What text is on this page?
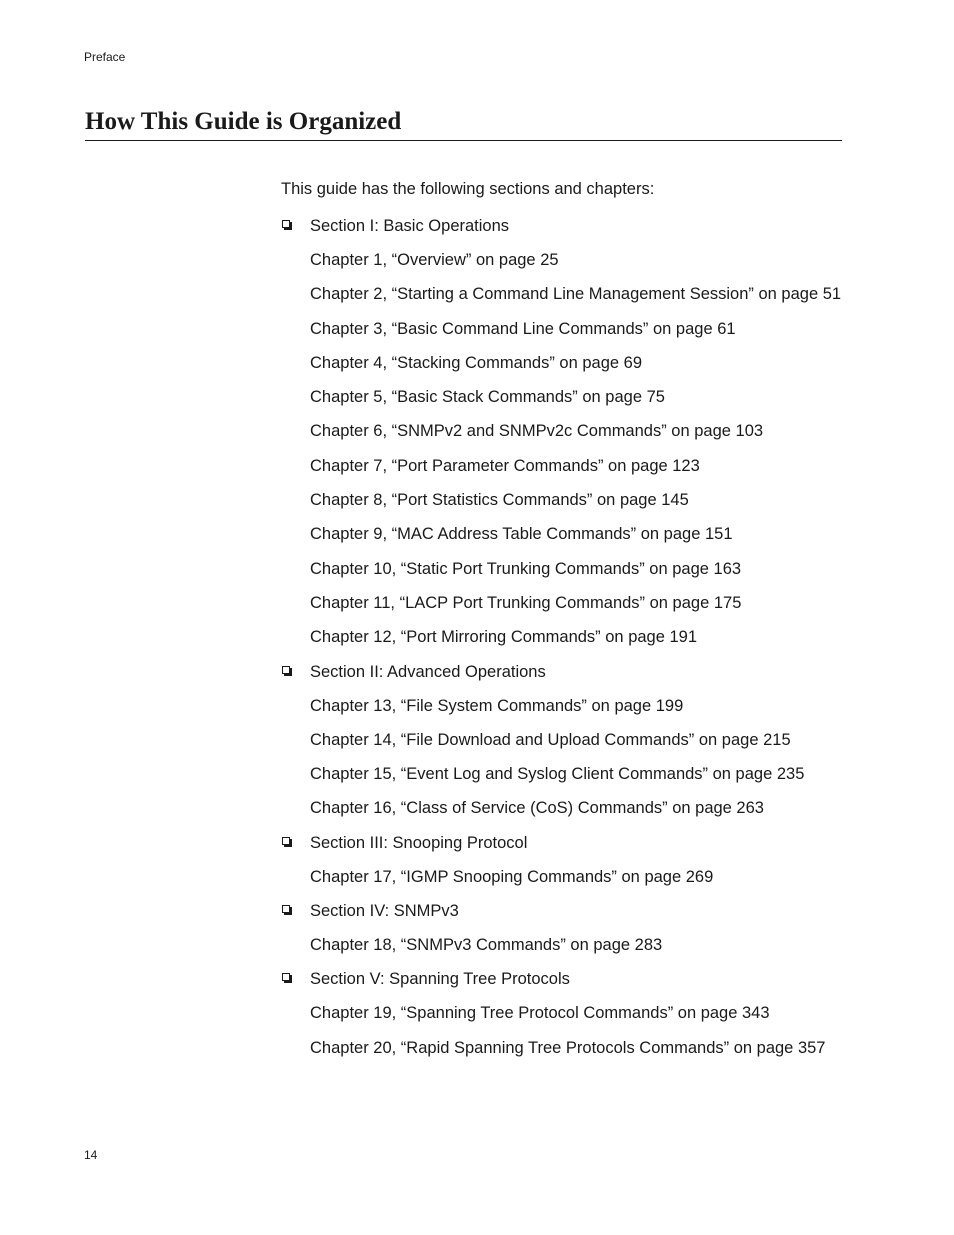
Preface
How This Guide is Organized

This guide has the following sections and chapters:

Section I: Basic Operations

Chapter 1, “Overview” on page 25

Chapter 2, “Starting a Command Line Management Session” on page 51

Chapter 3, “Basic Command Line Commands” on page 61

Chapter 4, “Stacking Commands” on page 69

Chapter 5, “Basic Stack Commands” on page 75

Chapter 6, “SNMPv2 and SNMPv2c Commands” on page 103

Chapter 7, “Port Parameter Commands” on page 123

Chapter 8, “Port Statistics Commands” on page 145

Chapter 9, “MAC Address Table Commands” on page 151

Chapter 10, “Static Port Trunking Commands” on page 163

Chapter 11, “LACP Port Trunking Commands” on page 175

Chapter 12, “Port Mirroring Commands” on page 191

Section II: Advanced Operations

Chapter 13, “File System Commands” on page 199

Chapter 14, “File Download and Upload Commands” on page 215

Chapter 15, “Event Log and Syslog Client Commands” on page 235

Chapter 16, “Class of Service (CoS) Commands” on page 263

Section III: Snooping Protocol

Chapter 17, “IGMP Snooping Commands” on page 269

Section IV: SNMPv3

Chapter 18, “SNMPv3 Commands” on page 283

Section V: Spanning Tree Protocols

Chapter 19, “Spanning Tree Protocol Commands” on page 343

Chapter 20, “Rapid Spanning Tree Protocols Commands” on page 357

14
